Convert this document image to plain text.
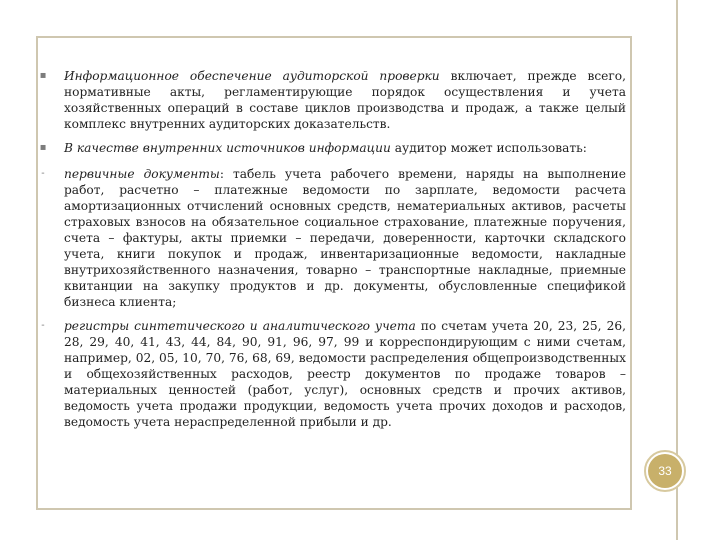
▪ Информационное обеспечение аудиторской проверки включает, прежде всего, нормативные акты, регламентирующие порядок осуществления и учета хозяйственных операций в составе циклов производства и продаж, а также целый комплекс внутренних аудиторских доказательств.
▪ В качестве внутренних источников информации аудитор может использовать:
- первичные документы: табель учета рабочего времени, наряды на выполнение работ, расчетно – платежные ведомости по зарплате, ведомости расчета амортизационных отчислений основных средств, нематериальных активов, расчеты страховых взносов на обязательное социальное страхование, платежные поручения, счета – фактуры, акты приемки – передачи, доверенности, карточки складского учета, книги покупок и продаж, инвентаризационные ведомости, накладные внутрихозяйственного назначения, товарно – транспортные накладные, приемные квитанции на закупку продуктов и др. документы, обусловленные спецификой бизнеса клиента;
- регистры синтетического и аналитического учета по счетам учета 20, 23, 25, 26, 28, 29, 40, 41, 43, 44, 84, 90, 91, 96, 97, 99 и корреспондирующим с ними счетам, например, 02, 05, 10, 70, 76, 68, 69, ведомости распределения общепроизводственных и общехозяйственных расходов, реестр документов по продаже товаров – материальных ценностей (работ, услуг), основных средств и прочих активов, ведомость учета продажи продукции, ведомость учета прочих доходов и расходов, ведомость учета нераспределенной прибыли и др.
33
